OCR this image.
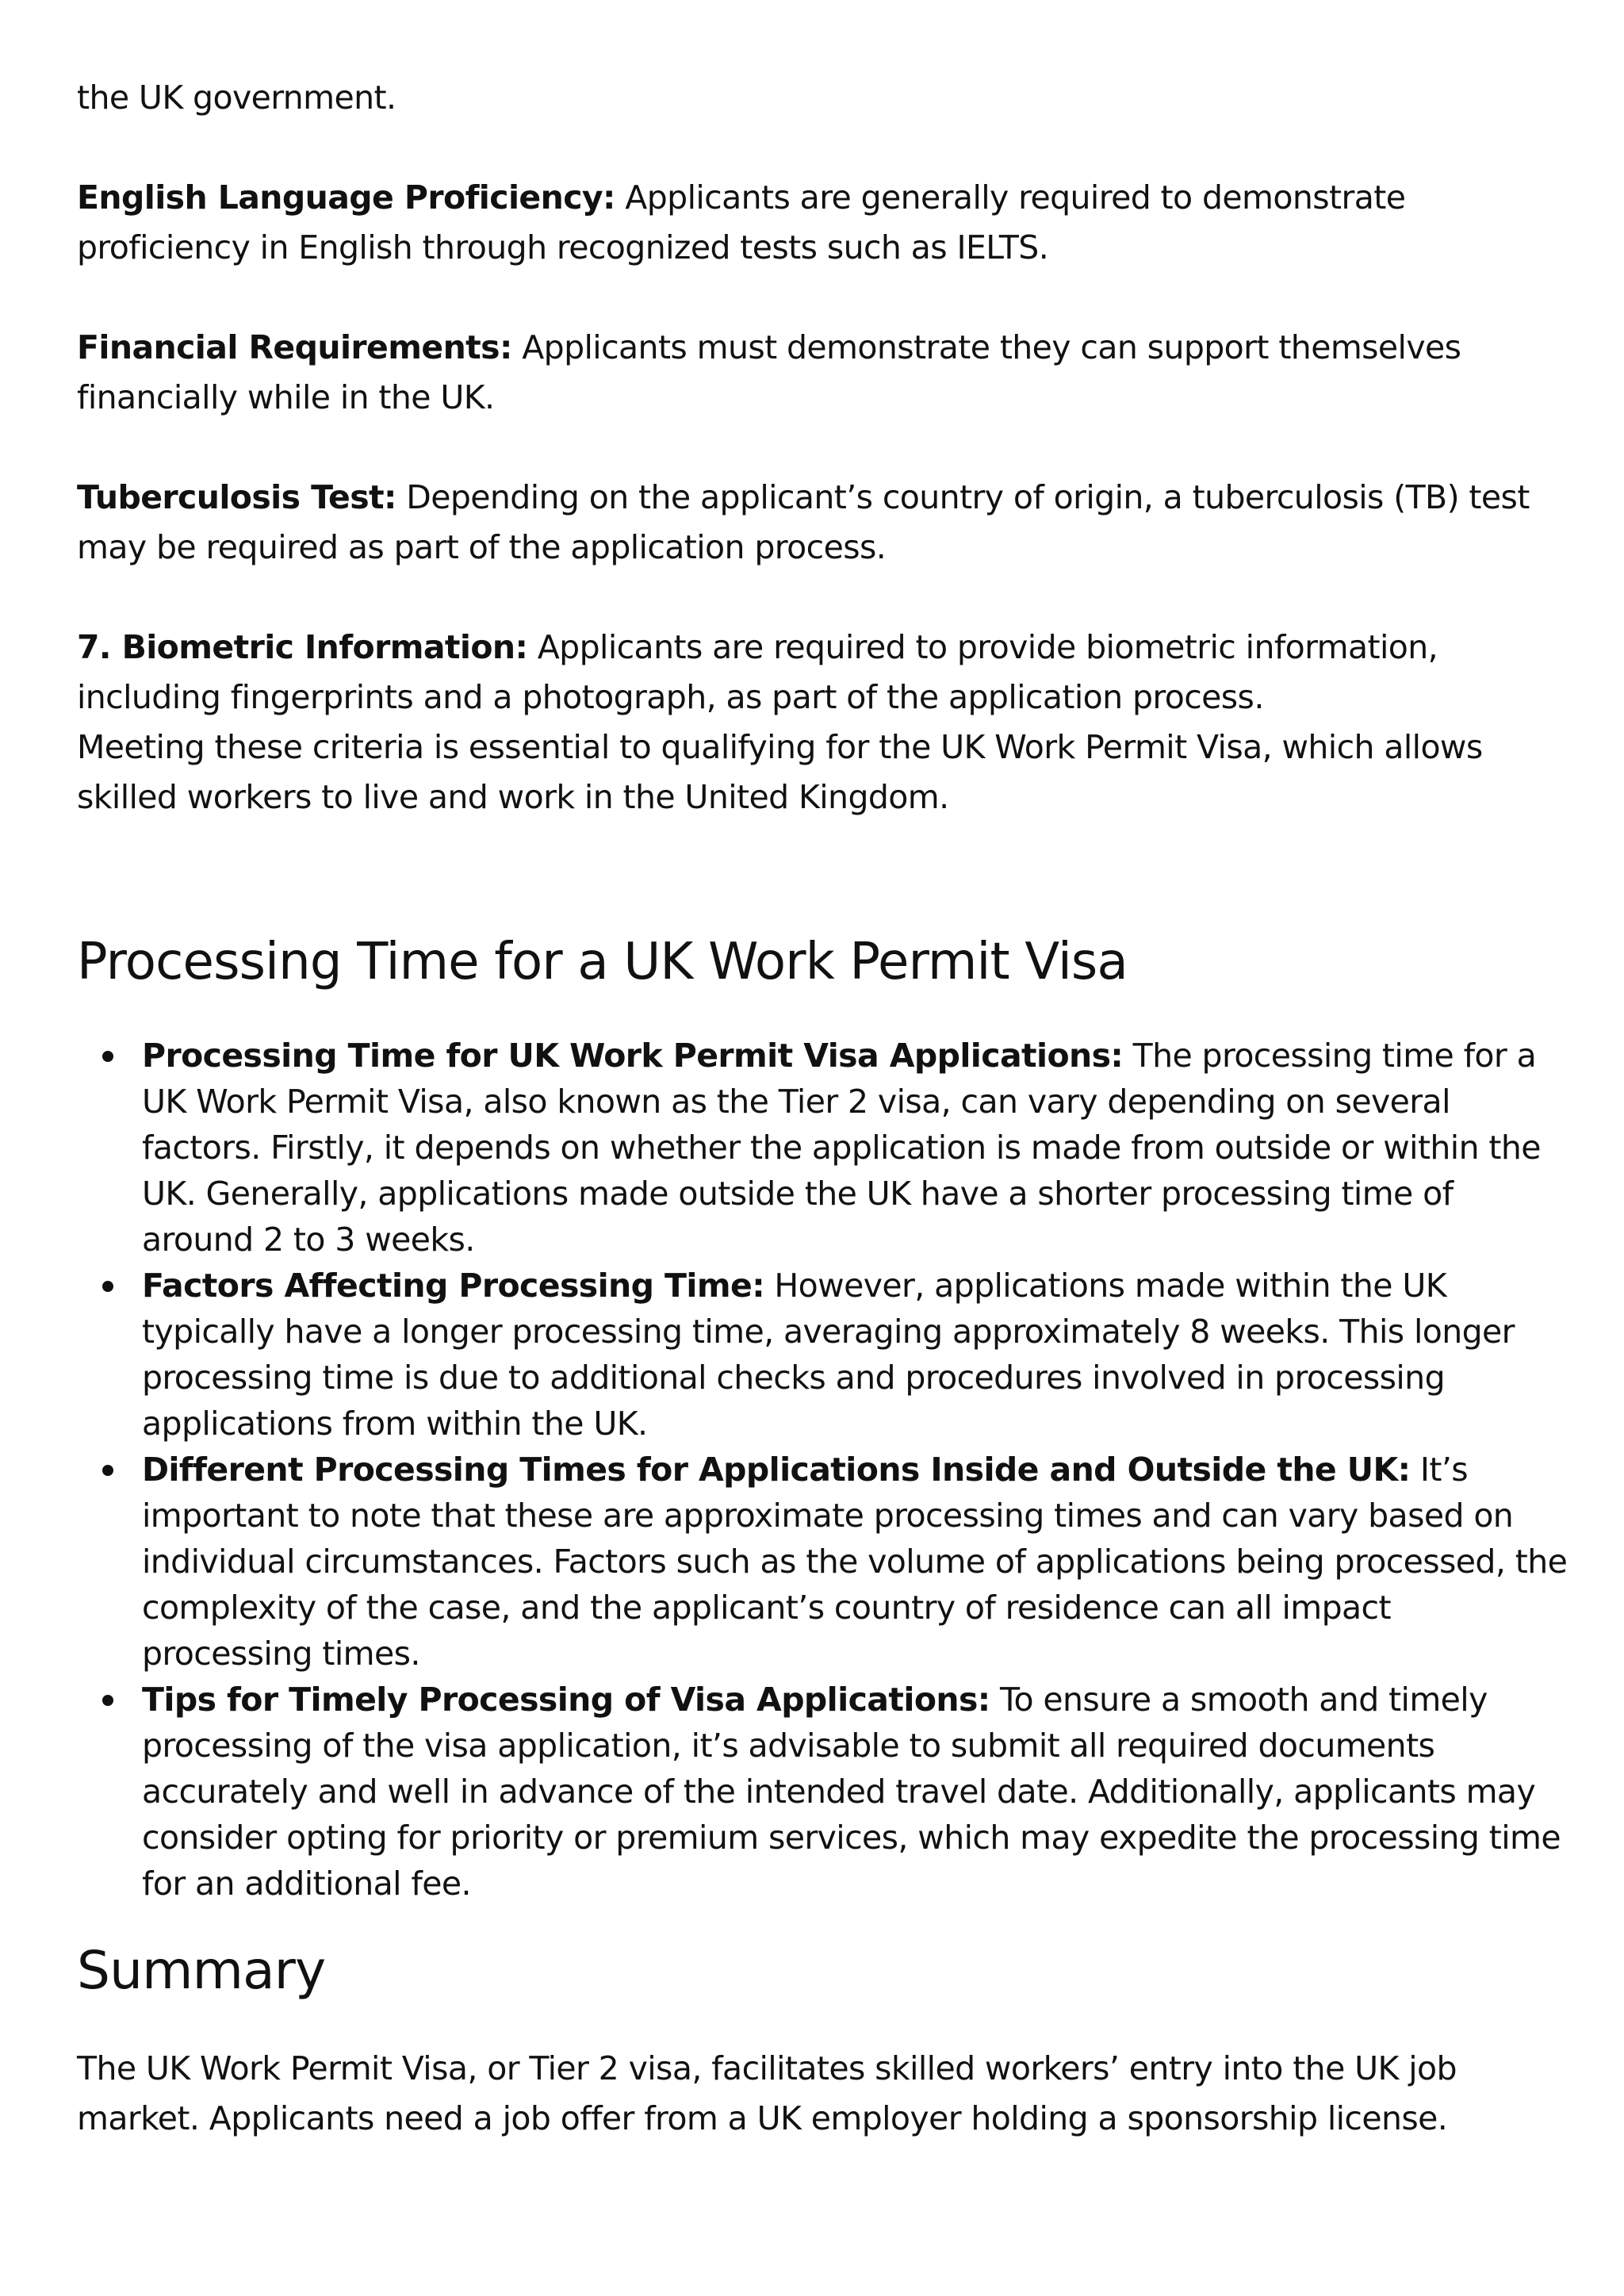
the UK government.

English Language Proficiency: Applicants are generally required to demonstrate proficiency in English through recognized tests such as IELTS.

Financial Requirements: Applicants must demonstrate they can support themselves financially while in the UK.

Tuberculosis Test: Depending on the applicant’s country of origin, a tuberculosis (TB) test may be required as part of the application process.

7. Biometric Information: Applicants are required to provide biometric information, including fingerprints and a photograph, as part of the application process.

Meeting these criteria is essential to qualifying for the UK Work Permit Visa, which allows skilled workers to live and work in the United Kingdom.

Processing Time for a UK Work Permit Visa
Processing Time for UK Work Permit Visa Applications: The processing time for a UK Work Permit Visa, also known as the Tier 2 visa, can vary depending on several factors. Firstly, it depends on whether the application is made from outside or within the UK. Generally, applications made outside the UK have a shorter processing time of around 2 to 3 weeks.
Factors Affecting Processing Time: However, applications made within the UK typically have a longer processing time, averaging approximately 8 weeks. This longer processing time is due to additional checks and procedures involved in processing applications from within the UK.
Different Processing Times for Applications Inside and Outside the UK: It’s important to note that these are approximate processing times and can vary based on individual circumstances. Factors such as the volume of applications being processed, the complexity of the case, and the applicant’s country of residence can all impact processing times.
Tips for Timely Processing of Visa Applications: To ensure a smooth and timely processing of the visa application, it’s advisable to submit all required documents accurately and well in advance of the intended travel date. Additionally, applicants may consider opting for priority or premium services, which may expedite the processing time for an additional fee.
Summary

The UK Work Permit Visa, or Tier 2 visa, facilitates skilled workers’ entry into the UK job market. Applicants need a job offer from a UK employer holding a sponsorship license.
